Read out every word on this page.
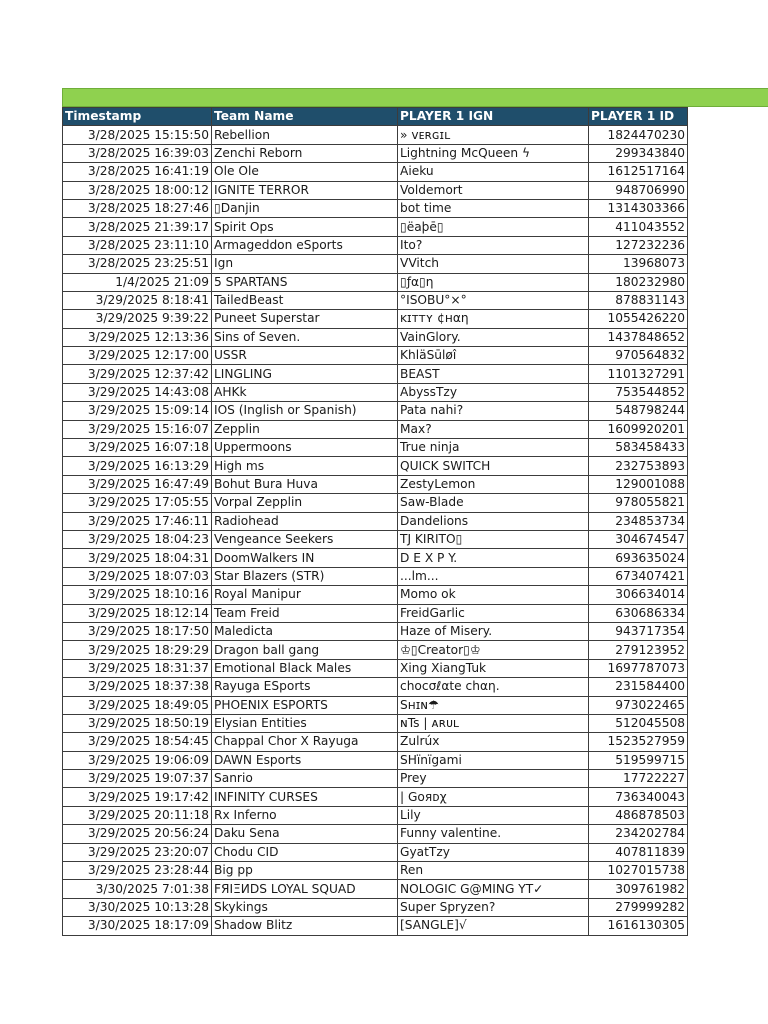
Timestamp	Team Name	PLAYER 1 IGN	PLAYER 1 ID
3/28/2025 15:15:50	Rebellion	» ᴠᴇʀɢɪʟ	1824470230
3/28/2025 16:39:03	Zenchi Reborn	Lightning McQueen ϟ	299343840
3/28/2025 16:41:19	Ole Ole	Aieku	1612517164
3/28/2025 18:00:12	IGNITE TERROR	Voldemort	948706990
3/28/2025 18:27:46	▯Danjin	bot time	1314303366
3/28/2025 21:39:17	Spirit Ops	▯ëaþē▯	411043552
3/28/2025 23:11:10	Armageddon eSports	Ito?	127232236
3/28/2025 23:25:51	Ign	VVitch	13968073
1/4/2025 21:09	5 SPARTANS	▯ƒα▯η	180232980
3/29/2025 8:18:41	TailedBeast	°ISOBU°×°	878831143
3/29/2025 9:39:22	Puneet Superstar	ᴋɪᴛᴛʏ ¢нαη	1055426220
3/29/2025 12:13:36	Sins of Seven.	VainGlory.	1437848652
3/29/2025 12:17:00	USSR	KhläSūløî	970564832
3/29/2025 12:37:42	LINGLING	BEAST	1101327291
3/29/2025 14:43:08	AHKk	AbyssTzy	753544852
3/29/2025 15:09:14	IOS (Inglish or Spanish)	Pata nahi?	548798244
3/29/2025 15:16:07	Zepplin	Max?	1609920201
3/29/2025 16:07:18	Uppermoons	True ninja	583458433
3/29/2025 16:13:29	High ms	QUICK SWITCH	232753893
3/29/2025 16:47:49	Bohut Bura Huva	ZestyLemon	129001088
3/29/2025 17:05:55	Vorpal Zepplin	Saw-Blade	978055821
3/29/2025 17:46:11	Radiohead	Dandelions	234853734
3/29/2025 18:04:23	Vengeance Seekers	TJ KIRITO▯	304674547
3/29/2025 18:04:31	DoomWalkers IN	D E X P Y.	693635024
3/29/2025 18:07:03	Star Blazers (STR)	...lm...	673407421
3/29/2025 18:10:16	Royal Manipur	Momo ok	306634014
3/29/2025 18:12:14	Team Freid	FreidGarlic	630686334
3/29/2025 18:17:50	Maledicta	Haze of Misery.	943717354
3/29/2025 18:29:29	Dragon ball gang	♔▯Creator▯♔	279123952
3/29/2025 18:31:37	Emotional Black Males	Xing XiangTuk	1697787073
3/29/2025 18:37:38	Rayuga ESports	chocσℓαte chαη.	231584400
3/29/2025 18:49:05	PHOENIX ESPORTS	Sʜɪɴ☂	973022465
3/29/2025 18:50:19	Elysian Entities	ɴTs | ᴀʀᴜʟ	512045508
3/29/2025 18:54:45	Chappal Chor X Rayuga	Zulrúx	1523527959
3/29/2025 19:06:09	DAWN Esports	SHïnïgami	519599715
3/29/2025 19:07:37	Sanrio	Prey	17722227
3/29/2025 19:17:42	INFINITY CURSES	| Goяᴅχ	736340043
3/29/2025 20:11:18	Rx Inferno	Lily	486878503
3/29/2025 20:56:24	Daku Sena	Funny valentine.	234202784
3/29/2025 23:20:07	Chodu CID	GyatTzy	407811839
3/29/2025 23:28:44	Big pp	Ren	1027015738
3/30/2025 7:01:38	FЯIΞИDS LOYAL SQUAD	NOLOGIC G@MING YT✓	309761982
3/30/2025 10:13:28	Skykings	Super Spryzen?	279999282
3/30/2025 18:17:09	Shadow Blitz	[SANGLE]√	1616130305
